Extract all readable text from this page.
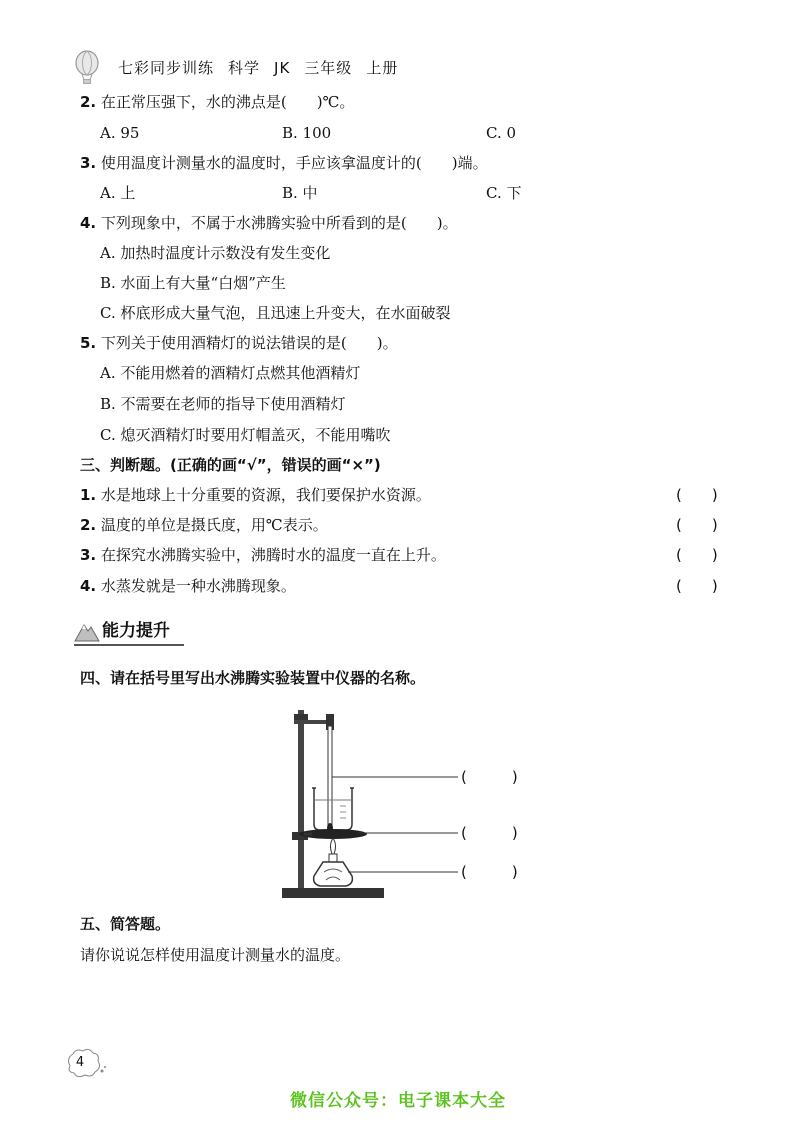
七彩同步训练 科学 JK 三年级 上册
2. 在正常压强下，水的沸点是(　　)℃。
A. 95	B. 100	C. 0
3. 使用温度计测量水的温度时，手应该拿温度计的(　　)端。
A. 上	B. 中	C. 下
4. 下列现象中，不属于水沸腾实验中所看到的是(　　)。
A. 加热时温度计示数没有发生变化
B. 水面上有大量“白烟”产生
C. 杯底形成大量气泡，且迅速上升变大，在水面破裂
5. 下列关于使用酒精灯的说法错误的是(　　)。
A. 不能用燃着的酒精灯点燃其他酒精灯
B. 不需要在老师的指导下使用酒精灯
C. 熄灭酒精灯时要用灯帽盖灭，不能用嘴吹
三、判断题。(正确的画“√”，错误的画“×”)
1. 水是地球上十分重要的资源，我们要保护水资源。	(　　)
2. 温度的单位是摄氏度，用℃表示。	(　　)
3. 在探究水沸腾实验中，沸腾时水的温度一直在上升。	(　　)
4. 水蒸发就是一种水沸腾现象。	(　　)
能力提升
四、请在括号里写出水沸腾实验装置中仪器的名称。
(　　　)
(　　　)
(　　　)
五、简答题。
请你说说怎样使用温度计测量水的温度。
4
微信公众号：电子课本大全
